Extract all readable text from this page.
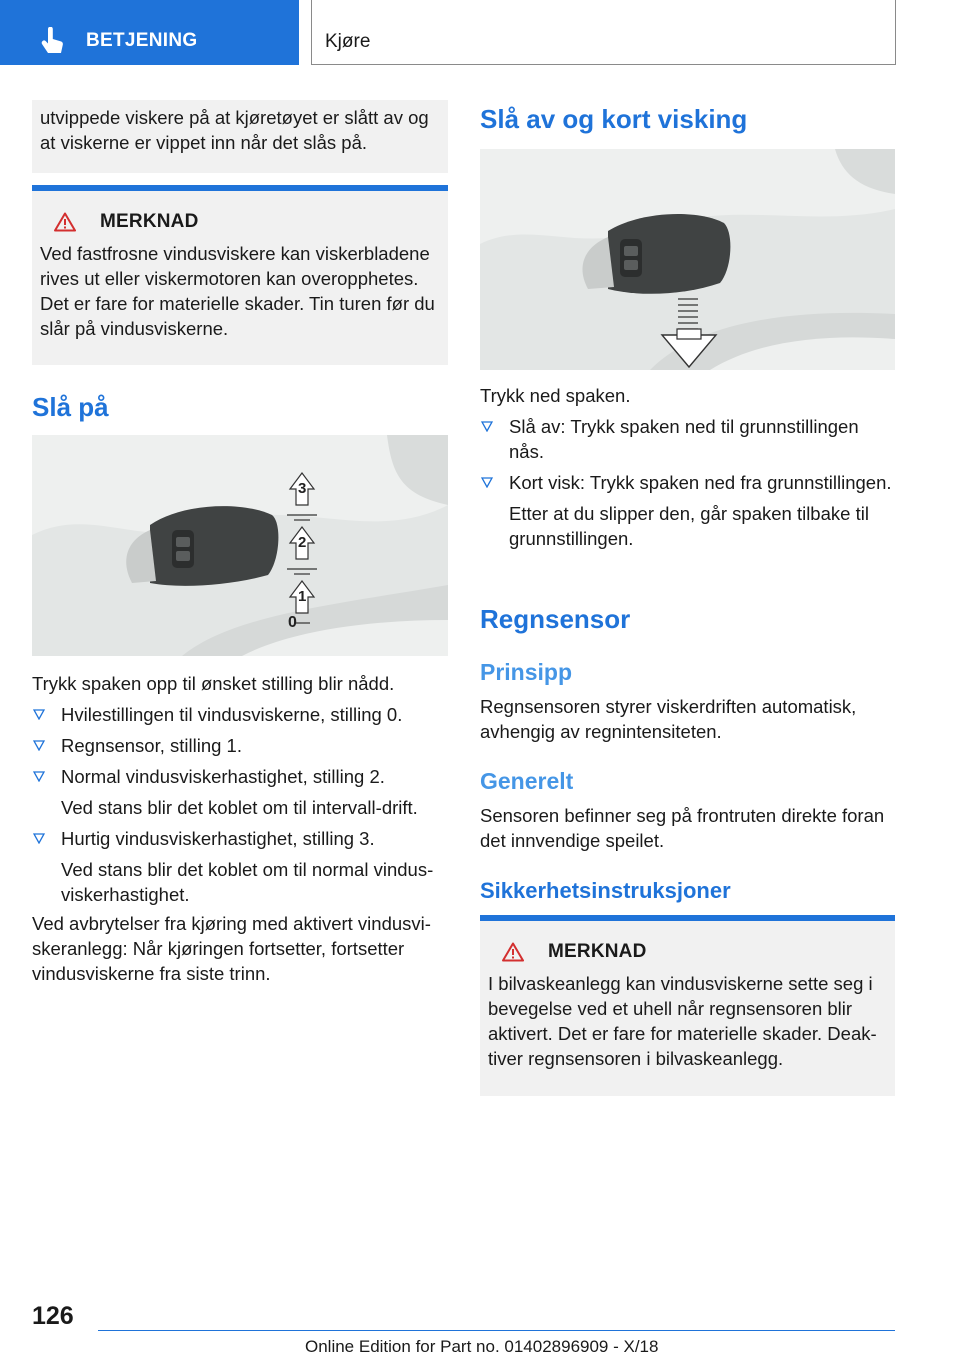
BETJENING	Kjøre

utvippede viskere på at kjøretøyet er slått av og at viskerne er vippet inn når det slås på.

MERKNAD

Ved fastfrosne vindusviskere kan viskerbladene rives ut eller viskermotoren kan overopphetes. Det er fare for materielle skader. Tin turen før du slår på vindusviskerne.

Slå på
3
2
1
0

Trykk spaken opp til ønsket stilling blir nådd.

Hvilestillingen til vindusviskerne, stilling 0.
Regnsensor, stilling 1.
Normal vindusviskerhastighet, stilling 2.

Ved stans blir det koblet om til intervall-drift.

Hurtig vindusviskerhastighet, stilling 3.

Ved stans blir det koblet om til normal vindusviskerhastighet.

Ved avbrytelser fra kjøring med aktivert vindusviskeranlegg: Når kjøringen fortsetter, fortsetter vindusviskerne fra siste trinn.

Slå av og kort visking

Trykk ned spaken.

Slå av: Trykk spaken ned til grunnstillingen nås.
Kort visk: Trykk spaken ned fra grunnstillingen.

Etter at du slipper den, går spaken tilbake til grunnstillingen.

Regnsensor
Prinsipp

Regnsensoren styrer viskerdriften automatisk, avhengig av regnintensiteten.

Generelt

Sensoren befinner seg på frontruten direkte foran det innvendige speilet.

Sikkerhetsinstruksjoner
MERKNAD

I bilvaskeanlegg kan vindusviskerne sette seg i bevegelse ved et uhell når regnsensoren blir aktivert. Det er fare for materielle skader. Deaktiver regnsensoren i bilvaskeanlegg.

126
Online Edition for Part no. 01402896909 - X/18
